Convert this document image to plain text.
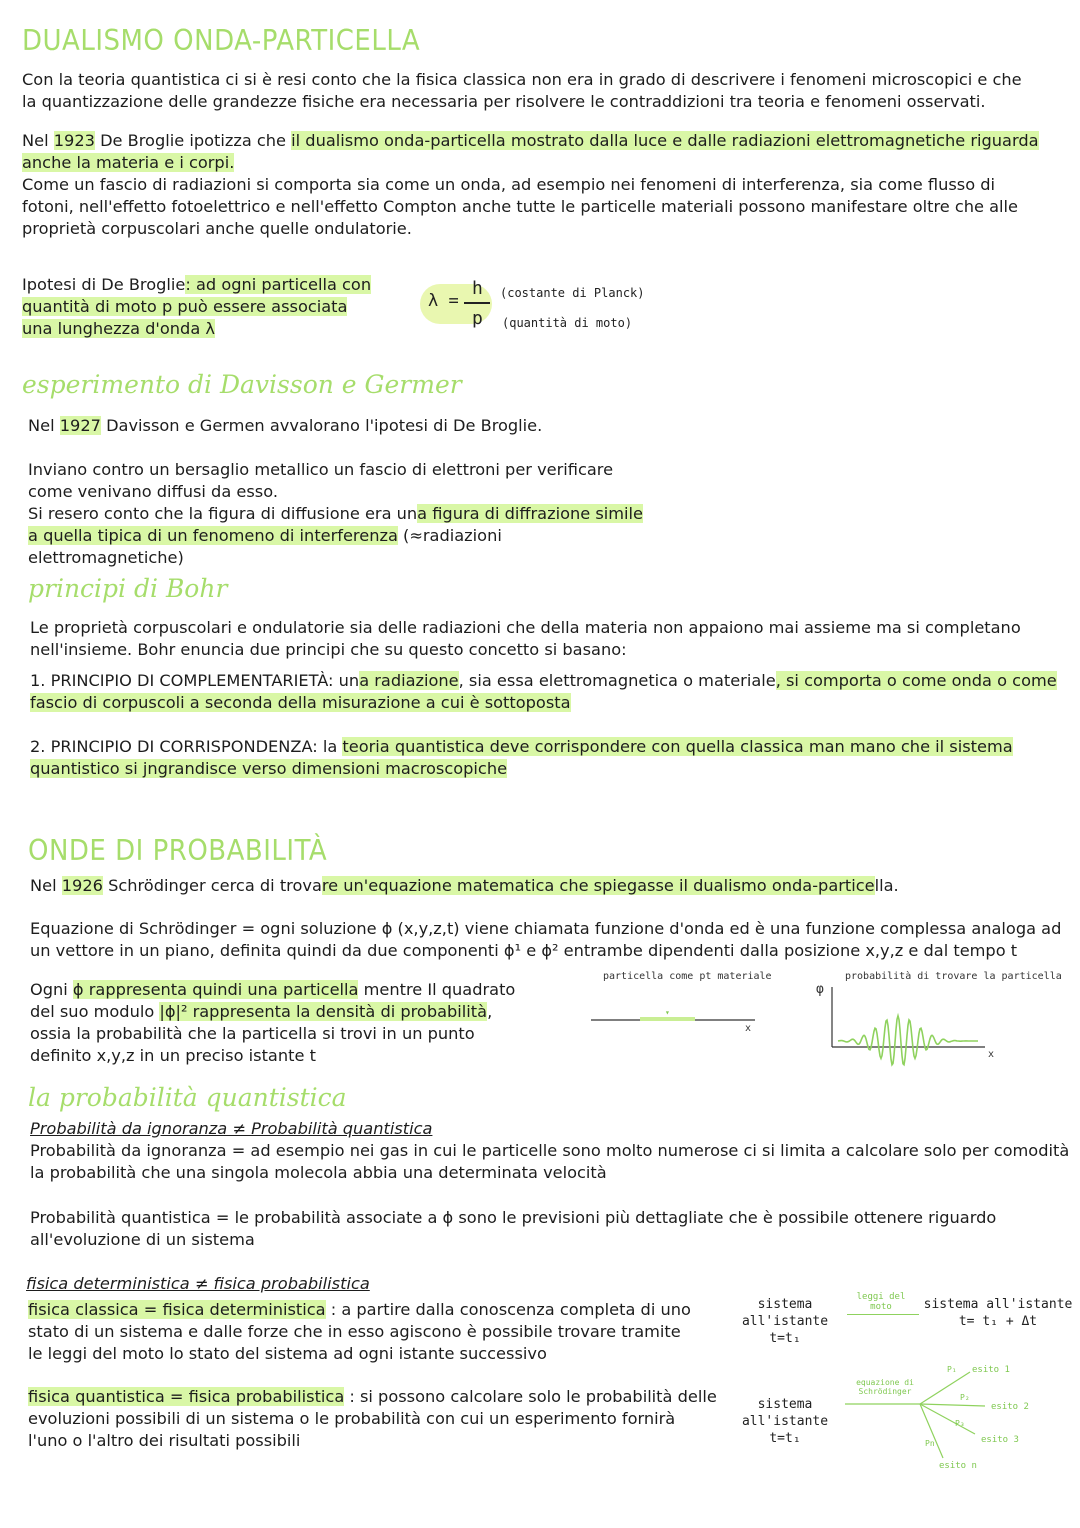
DUALISMO ONDA-PARTICELLA

Con la teoria quantistica ci si è resi conto che la fisica classica non era in grado di descrivere i fenomeni microscopici e che la quantizzazione delle grandezze fisiche era necessaria per risolvere le contraddizioni tra teoria e fenomeni osservati.

Nel 1923 De Broglie ipotizza che il dualismo onda-particella mostrato dalla luce e dalle radiazioni elettromagnetiche riguarda anche la materia e i corpi.

Come un fascio di radiazioni si comporta sia come un onda, ad esempio nei fenomeni di interferenza, sia come flusso di fotoni, nell'effetto fotoelettrico e nell'effetto Compton anche tutte le particelle materiali possono manifestare oltre che alle proprietà corpuscolari anche quelle ondulatorie.

Ipotesi di De Broglie: ad ogni particella con quantità di moto p può essere associata una lunghezza d'onda λ

λ =
h
p
(costante di Planck)
(quantità di moto)
esperimento di Davisson e Germer

Nel 1927 Davisson e Germen avvalorano l'ipotesi di De Broglie.

Inviano contro un bersaglio metallico un fascio di elettroni per verificare come venivano diffusi da esso.

Si resero conto che la figura di diffusione era una figura di diffrazione simile a quella tipica di un fenomeno di interferenza (≈radiazioni elettromagnetiche)

principi di Bohr

Le proprietà corpuscolari e ondulatorie sia delle radiazioni che della materia non appaiono mai assieme ma si completano nell'insieme. Bohr enuncia due principi che su questo concetto si basano:

1. PRINCIPIO DI COMPLEMENTARIETÀ: una radiazione, sia essa elettromagnetica o materiale, si comporta o come onda o come fascio di corpuscoli a seconda della misurazione a cui è sottoposta

2. PRINCIPIO DI CORRISPONDENZA: la teoria quantistica deve corrispondere con quella classica man mano che il sistema quantistico si jngrandisce verso dimensioni macroscopiche

ONDE DI PROBABILITÀ

Nel 1926 Schrödinger cerca di trovare un'equazione matematica che spiegasse il dualismo onda-particella.

Equazione di Schrödinger = ogni soluzione ϕ (x,y,z,t) viene chiamata funzione d'onda ed è una funzione complessa analoga ad un vettore in un piano, definita quindi da due componenti ϕ¹ e ϕ² entrambe dipendenti dalla posizione x,y,z e dal tempo t

Ogni ϕ rappresenta quindi una particella mentre Il quadrato del suo modulo |ϕ|² rappresenta la densità di probabilità, ossia la probabilità che la particella si trovi in un punto definito x,y,z in un preciso istante t

particella come pt materiale
▾
x
probabilità di trovare la particella
φ
x
la probabilità quantistica

Probabilità da ignoranza ≠ Probabilità quantistica

Probabilità da ignoranza = ad esempio nei gas in cui le particelle sono molto numerose ci si limita a calcolare solo per comodità la probabilità che una singola molecola abbia una determinata velocità

Probabilità quantistica = le probabilità associate a ϕ sono le previsioni più dettagliate che è possibile ottenere riguardo all'evoluzione di un sistema

fisica deterministica ≠ fisica probabilistica

fisica classica = fisica deterministica : a partire dalla conoscenza completa di uno stato di un sistema e dalle forze che in esso agiscono è possibile trovare tramite le leggi del moto lo stato del sistema ad ogni istante successivo

fisica quantistica = fisica probabilistica : si possono calcolare solo le probabilità delle evoluzioni possibili di un sistema o le probabilità con cui un esperimento fornirà l'uno o l'altro dei risultati possibili

sistema all'istante
t=t₁
leggi del moto	sistema all'istante
t= t₁ + Δt
sistema all'istante
t=t₁
equazione di Schrödinger
P₁
P₂
P₃
Pn
esito 1
esito 2
esito 3
esito n
